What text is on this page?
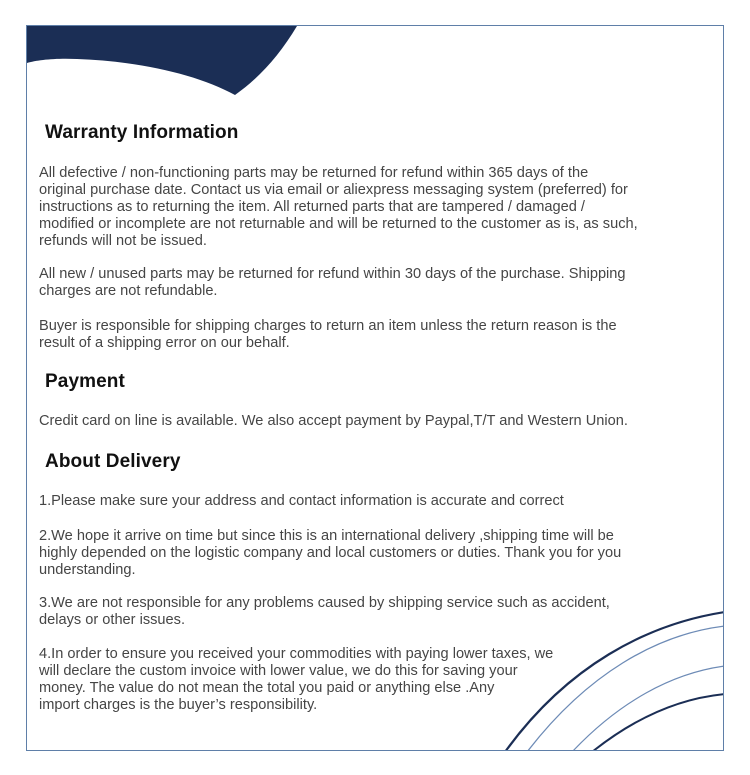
Warranty Information
All defective / non-functioning parts may be returned for refund within 365 days of the
original purchase date. Contact us via email or aliexpress messaging system (preferred) for
instructions as to returning the item. All returned parts that are tampered / damaged /
modified or incomplete are not returnable and will be returned to the customer as is, as such,
refunds will not be issued.
All new / unused parts may be returned for refund within 30 days of the purchase. Shipping
charges are not refundable.
Buyer is responsible for shipping charges to return an item unless the return reason is the
result of a shipping error on our behalf.
Payment
Credit card on line is available. We also accept payment by Paypal,T/T and Western Union.
About Delivery
1.Please make sure your address and contact information is accurate and correct
2.We hope it arrive on time but since this is an international delivery ,shipping time will be
highly depended on the logistic company and local customers or duties. Thank you for you
understanding.
3.We are not responsible for any problems caused by shipping service such as accident,
delays or other issues.
4.In order to ensure you received your commodities with paying lower taxes, we
will declare the custom invoice with lower value, we do this for saving your
money. The value do not mean the total you paid or anything else .Any
import charges is the buyer’s responsibility.
